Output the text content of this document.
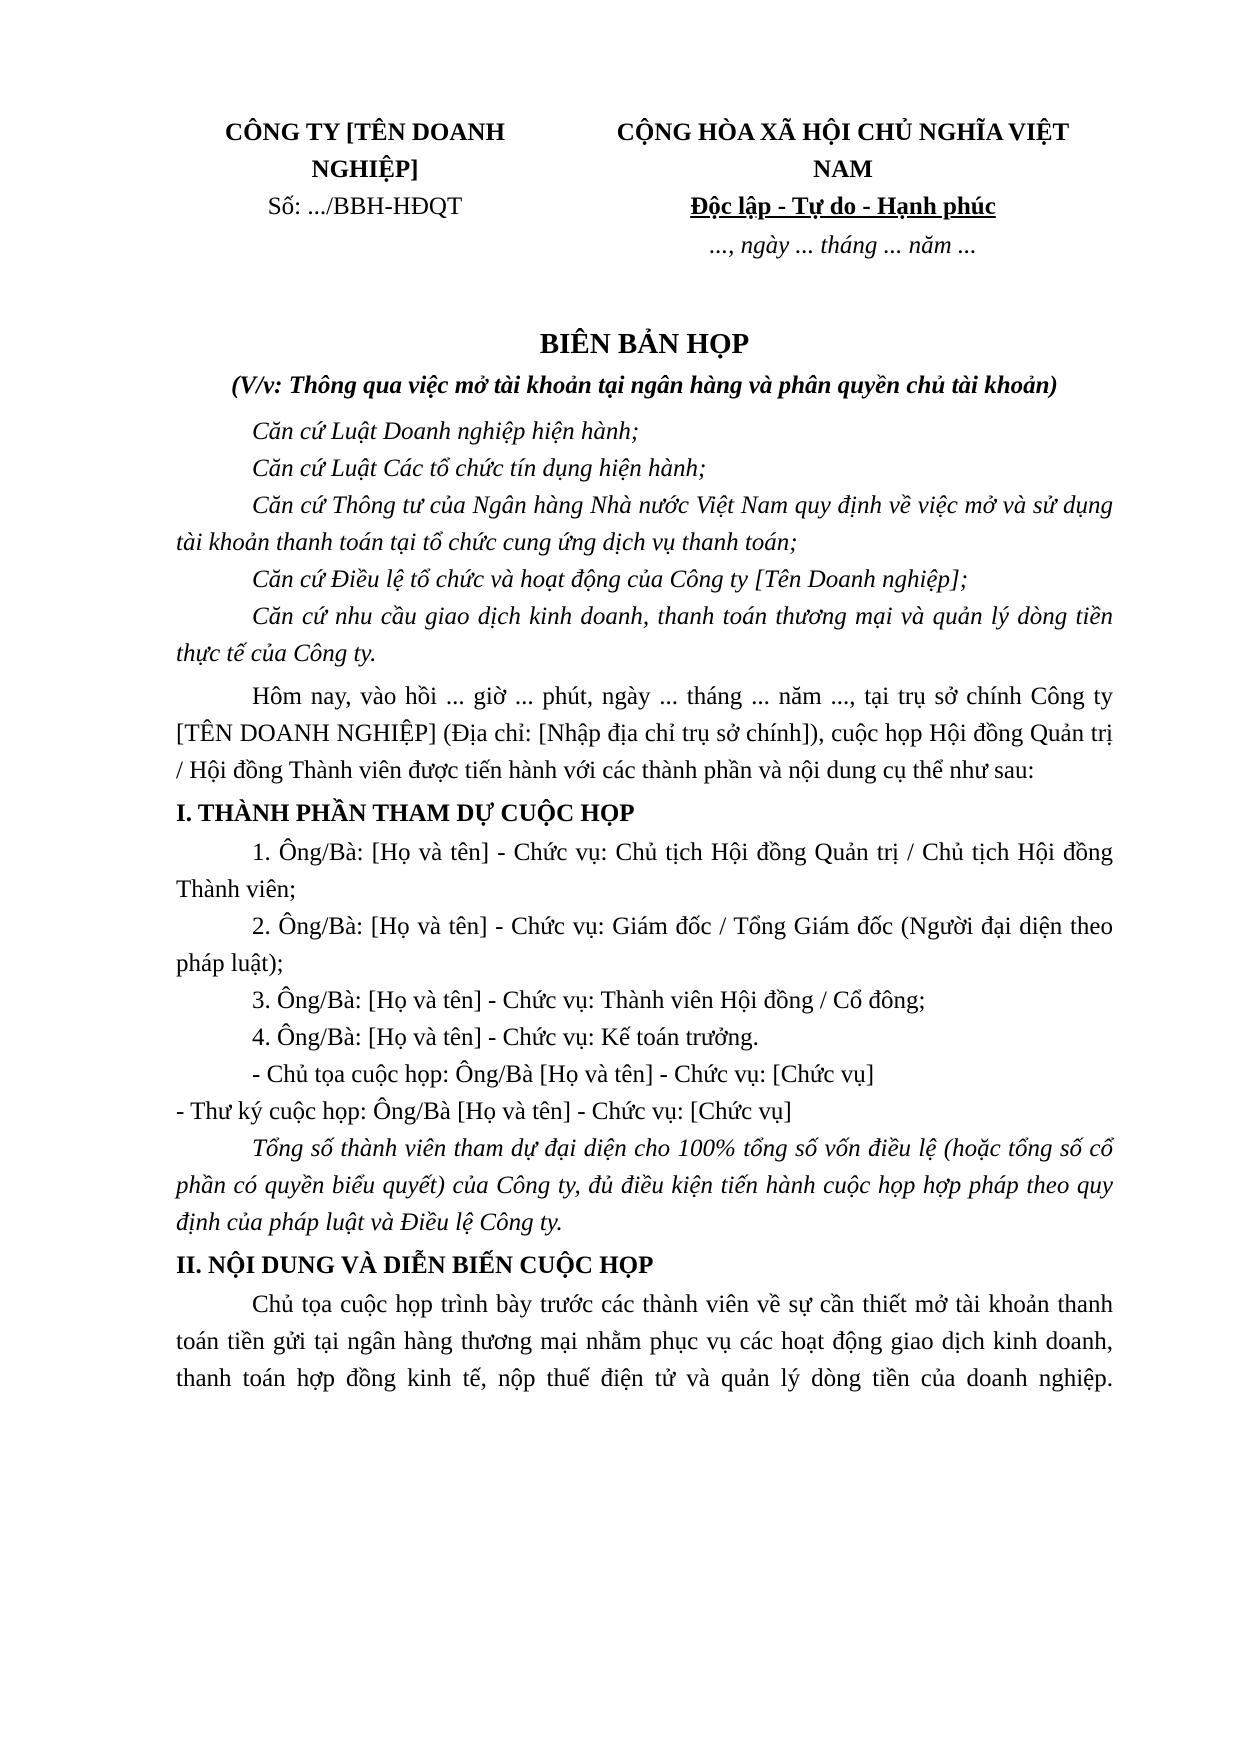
CÔNG TY [TÊN DOANH
NGHIỆP]
Số: .../BBH-HĐQT
CỘNG HÒA XÃ HỘI CHỦ NGHĨA VIỆT
NAM
Độc lập - Tự do - Hạnh phúc
..., ngày ... tháng ... năm ...
BIÊN BẢN HỌP
(V/v: Thông qua việc mở tài khoản tại ngân hàng và phân quyền chủ tài khoản)

Căn cứ Luật Doanh nghiệp hiện hành;

Căn cứ Luật Các tổ chức tín dụng hiện hành;

Căn cứ Thông tư của Ngân hàng Nhà nước Việt Nam quy định về việc mở và sử dụng tài khoản thanh toán tại tổ chức cung ứng dịch vụ thanh toán;

Căn cứ Điều lệ tổ chức và hoạt động của Công ty [Tên Doanh nghiệp];

Căn cứ nhu cầu giao dịch kinh doanh, thanh toán thương mại và quản lý dòng tiền thực tế của Công ty.

Hôm nay, vào hồi ... giờ ... phút, ngày ... tháng ... năm ..., tại trụ sở chính Công ty [TÊN DOANH NGHIỆP] (Địa chỉ: [Nhập địa chỉ trụ sở chính]), cuộc họp Hội đồng Quản trị / Hội đồng Thành viên được tiến hành với các thành phần và nội dung cụ thể như sau:

I. THÀNH PHẦN THAM DỰ CUỘC HỌP

1. Ông/Bà: [Họ và tên] - Chức vụ: Chủ tịch Hội đồng Quản trị / Chủ tịch Hội đồng Thành viên;

2. Ông/Bà: [Họ và tên] - Chức vụ: Giám đốc / Tổng Giám đốc (Người đại diện theo pháp luật);

3. Ông/Bà: [Họ và tên] - Chức vụ: Thành viên Hội đồng / Cổ đông;

4. Ông/Bà: [Họ và tên] - Chức vụ: Kế toán trưởng.

- Chủ tọa cuộc họp: Ông/Bà [Họ và tên] - Chức vụ: [Chức vụ]

- Thư ký cuộc họp: Ông/Bà [Họ và tên] - Chức vụ: [Chức vụ]

Tổng số thành viên tham dự đại diện cho 100% tổng số vốn điều lệ (hoặc tổng số cổ phần có quyền biểu quyết) của Công ty, đủ điều kiện tiến hành cuộc họp hợp pháp theo quy định của pháp luật và Điều lệ Công ty.

II. NỘI DUNG VÀ DIỄN BIẾN CUỘC HỌP

Chủ tọa cuộc họp trình bày trước các thành viên về sự cần thiết mở tài khoản thanh toán tiền gửi tại ngân hàng thương mại nhằm phục vụ các hoạt động giao dịch kinh doanh, thanh toán hợp đồng kinh tế, nộp thuế điện tử và quản lý dòng tiền của doanh nghiệp.
